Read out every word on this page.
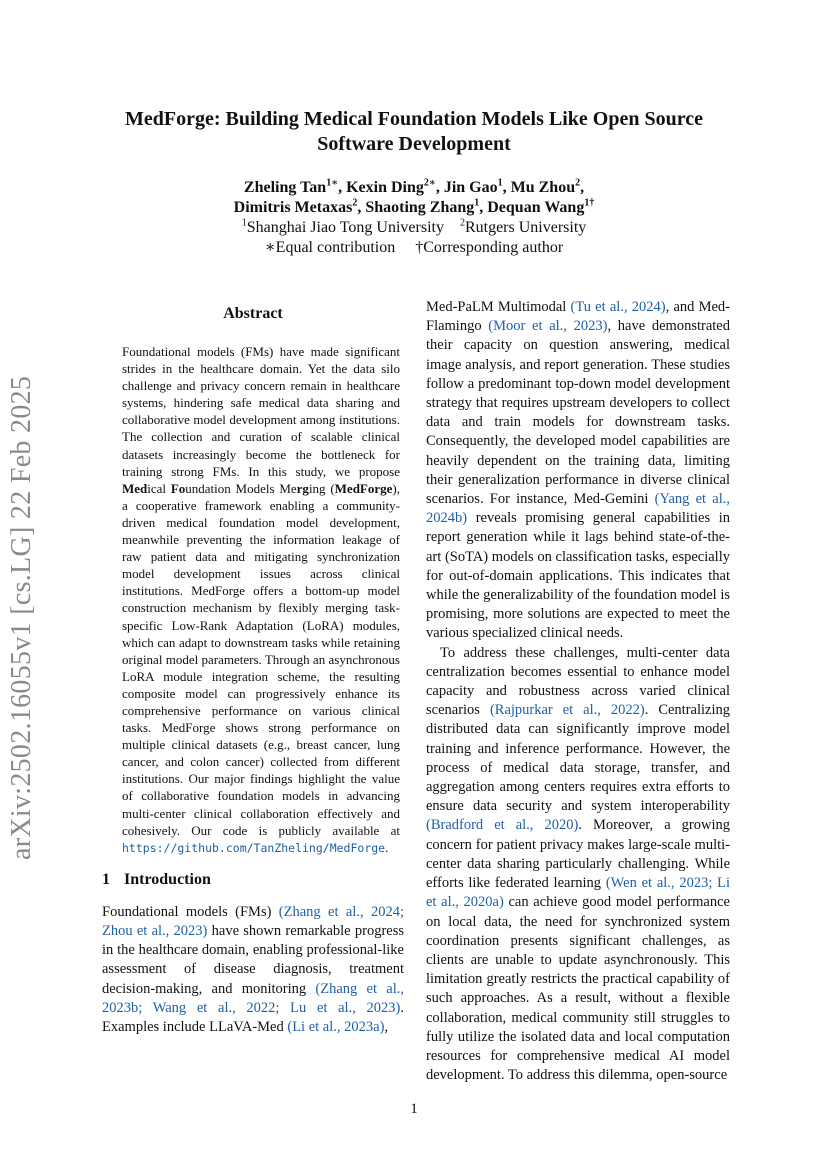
MedForge: Building Medical Foundation Models Like Open Source
Software Development
Zheling Tan$^{1∗}$, Kexin Ding$^{2∗}$, Jin Gao$^1$, Mu Zhou$^2$,
Dimitris Metaxas$^2$, Shaoting Zhang$^1$, Dequan Wang$^{1\dagger}$
$^1$Shanghai Jiao Tong University $^2$Rutgers University
∗Equal contribution †Corresponding author
arXiv:2502.16055v1 [cs.LG] 22 Feb 2025
Abstract
Foundational models (FMs) have made significant strides in the healthcare domain. Yet the data silo challenge and privacy concern remain in healthcare systems, hindering safe medical data sharing and collaborative model development among institutions. The collection and curation of scalable clinical datasets increasingly become the bottleneck for training strong FMs. In this study, we propose Medical Foundation Models Merging (MedForge), a cooperative framework enabling a community-driven medical foundation model development, meanwhile preventing the information leakage of raw patient data and mitigating synchronization model development issues across clinical institutions. MedForge offers a bottom-up model construction mechanism by flexibly merging task-specific Low-Rank Adaptation (LoRA) modules, which can adapt to downstream tasks while retaining original model parameters. Through an asynchronous LoRA module integration scheme, the resulting composite model can progressively enhance its comprehensive performance on various clinical tasks. MedForge shows strong performance on multiple clinical datasets (e.g., breast cancer, lung cancer, and colon cancer) collected from different institutions. Our major findings highlight the value of collaborative foundation models in advancing multi-center clinical collaboration effectively and cohesively. Our code is publicly available at https://github.com/TanZheling/MedForge.
1 Introduction
Foundational models (FMs) (Zhang et al., 2024; Zhou et al., 2023) have shown remarkable progress in the healthcare domain, enabling professional-like assessment of disease diagnosis, treatment decision-making, and monitoring (Zhang et al., 2023b; Wang et al., 2022; Lu et al., 2023). Examples include LLaVA-Med (Li et al., 2023a),
Med-PaLM Multimodal (Tu et al., 2024), and Med-Flamingo (Moor et al., 2023), have demonstrated their capacity on question answering, medical image analysis, and report generation. These studies follow a predominant top-down model development strategy that requires upstream developers to collect data and train models for downstream tasks. Consequently, the developed model capabilities are heavily dependent on the training data, limiting their generalization performance in diverse clinical scenarios. For instance, Med-Gemini (Yang et al., 2024b) reveals promising general capabilities in report generation while it lags behind state-of-the-art (SoTA) models on classification tasks, especially for out-of-domain applications. This indicates that while the generalizability of the foundation model is promising, more solutions are expected to meet the various specialized clinical needs.
To address these challenges, multi-center data centralization becomes essential to enhance model capacity and robustness across varied clinical scenarios (Rajpurkar et al., 2022). Centralizing distributed data can significantly improve model training and inference performance. However, the process of medical data storage, transfer, and aggregation among centers requires extra efforts to ensure data security and system interoperability (Bradford et al., 2020). Moreover, a growing concern for patient privacy makes large-scale multi-center data sharing particularly challenging. While efforts like federated learning (Wen et al., 2023; Li et al., 2020a) can achieve good model performance on local data, the need for synchronized system coordination presents significant challenges, as clients are unable to update asynchronously. This limitation greatly restricts the practical capability of such approaches. As a result, without a flexible collaboration, medical community still struggles to fully utilize the isolated data and local computation resources for comprehensive medical AI model development. To address this dilemma, open-source
1
